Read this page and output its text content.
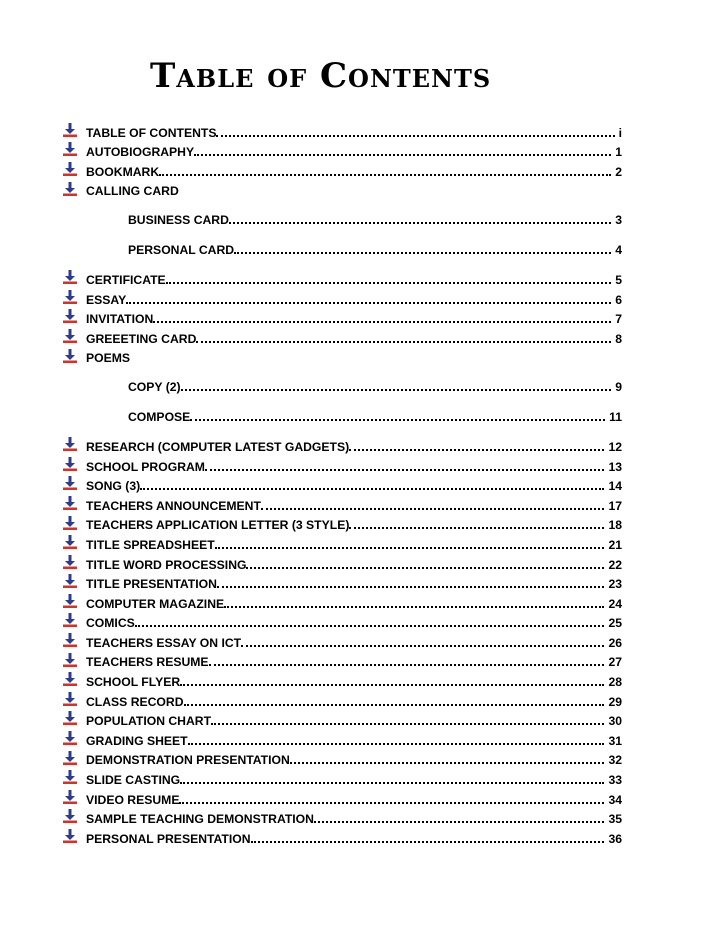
Table of Contents
TABLE OF CONTENTS	i
AUTOBIOGRAPHY	1
BOOKMARK	2
CALLING CARD
BUSINESS CARD	3
PERSONAL CARD	4
CERTIFICATE	5
ESSAY	6
INVITATION	7
GREEETING CARD	8
POEMS
COPY (2)	9
COMPOSE	11
RESEARCH (COMPUTER LATEST GADGETS)	12
SCHOOL PROGRAM	13
SONG (3)	14
TEACHERS ANNOUNCEMENT	17
TEACHERS APPLICATION LETTER (3 STYLE)	18
TITLE SPREADSHEET	21
TITLE WORD PROCESSING	22
TITLE PRESENTATION	23
COMPUTER MAGAZINE	24
COMICS	25
TEACHERS ESSAY ON ICT	26
TEACHERS RESUME	27
SCHOOL FLYER	28
CLASS RECORD	29
POPULATION CHART	30
GRADING SHEET	31
DEMONSTRATION PRESENTATION	32
SLIDE CASTING	33
VIDEO RESUME	34
SAMPLE TEACHING DEMONSTRATION	35
PERSONAL PRESENTATION	36
